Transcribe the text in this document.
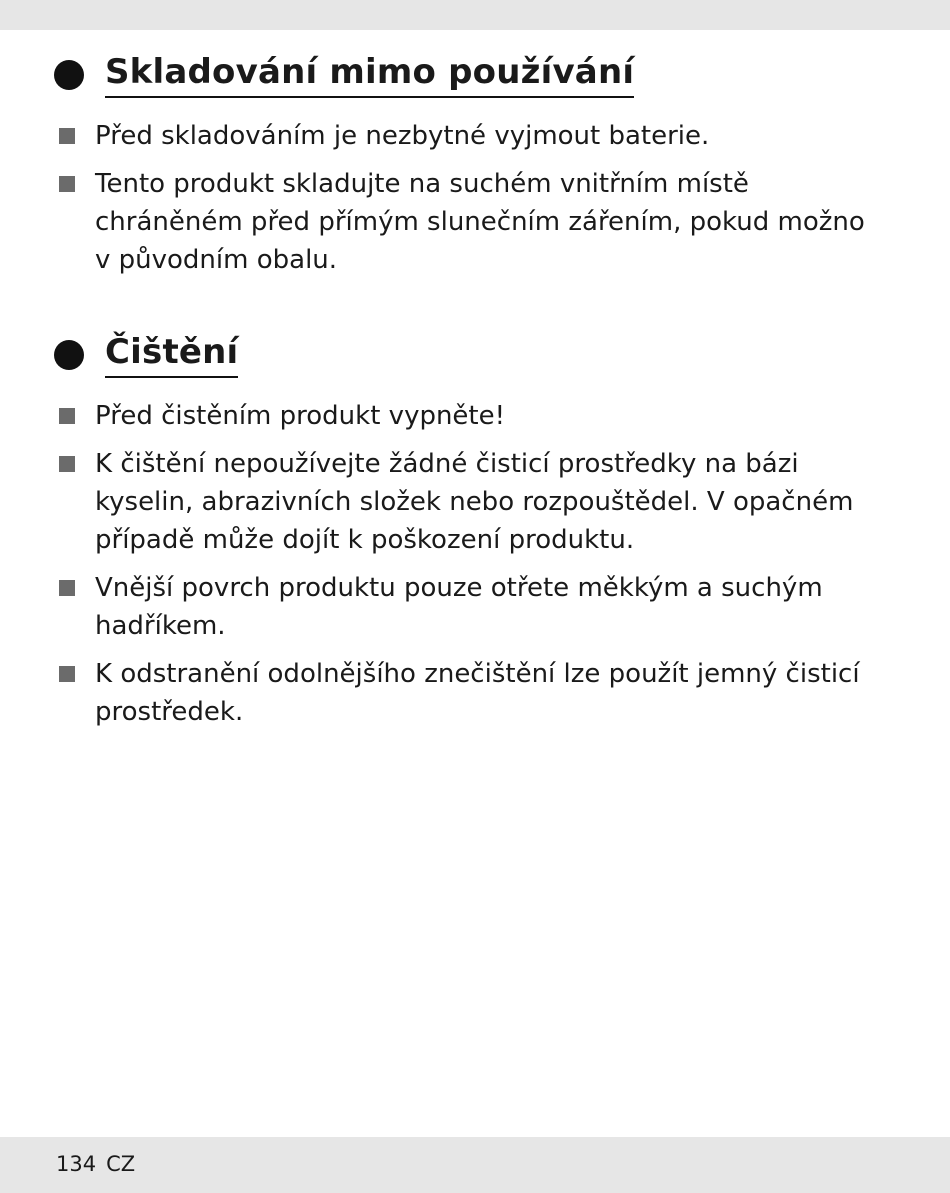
Skladování mimo používání
Před skladováním je nezbytné vyjmout baterie.
Tento produkt skladujte na suchém vnitřním místě chráněném před přímým slunečním zářením, pokud možno v původním obalu.
Čištění
Před čistěním produkt vypněte!
K čištění nepoužívejte žádné čisticí prostředky na bázi kyselin, abrazivních složek nebo rozpouštědel. V opačném případě může dojít k poškození produktu.
Vnější povrch produktu pouze otřete měkkým a suchým hadříkem.
K odstranění odolnějšího znečištění lze použít jemný čisticí prostředek.
134 CZ
